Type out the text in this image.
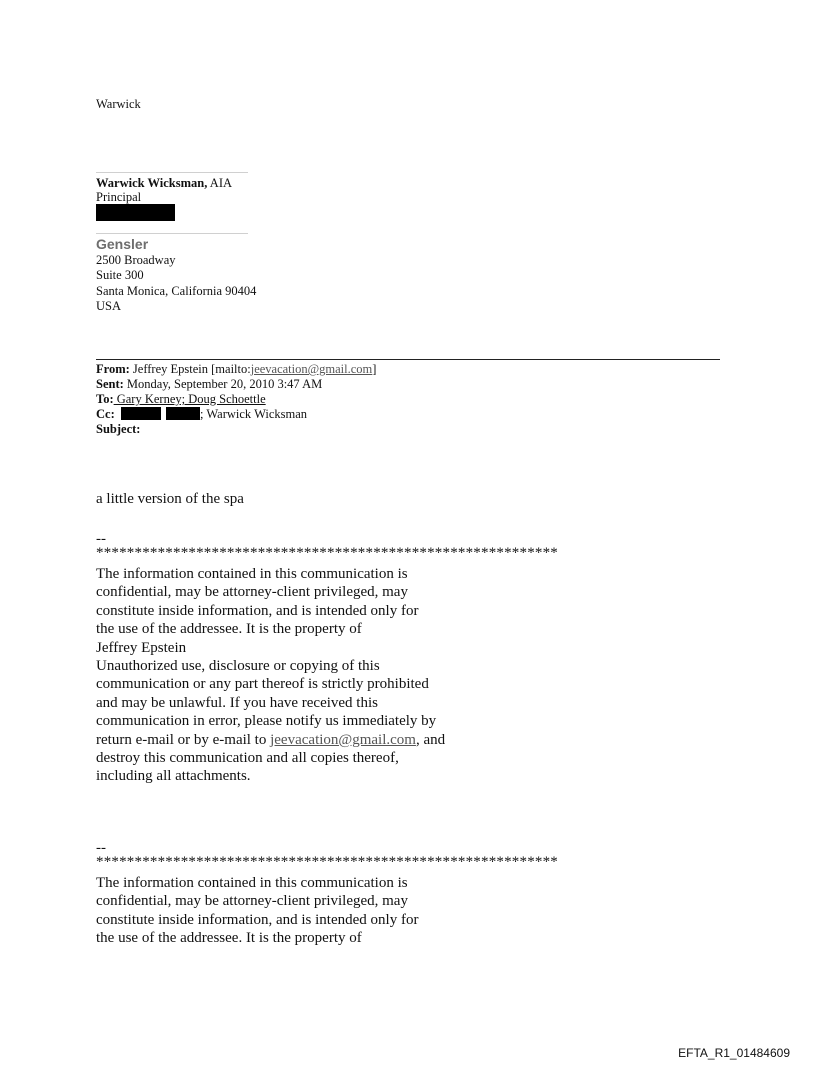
Warwick
Warwick Wicksman, AIA
Principal
Gensler
2500 Broadway
Suite 300
Santa Monica, California 90404
USA
From: Jeffrey Epstein [mailto:jeevacation@gmail.com]
Sent: Monday, September 20, 2010 3:47 AM
To: Gary Kerney; Doug Schoettle
Cc:	; Warwick Wicksman
Subject:
a little version of the spa
--
************************************************************
The information contained in this communication is
confidential, may be attorney-client privileged, may
constitute inside information, and is intended only for
the use of the addressee. It is the property of
Jeffrey Epstein
Unauthorized use, disclosure or copying of this
communication or any part thereof is strictly prohibited
and may be unlawful. If you have received this
communication in error, please notify us immediately by
return e-mail or by e-mail to jeevacation@gmail.com, and
destroy this communication and all copies thereof,
including all attachments.
--
************************************************************
The information contained in this communication is
confidential, may be attorney-client privileged, may
constitute inside information, and is intended only for
the use of the addressee. It is the property of
EFTA_R1_01484609
